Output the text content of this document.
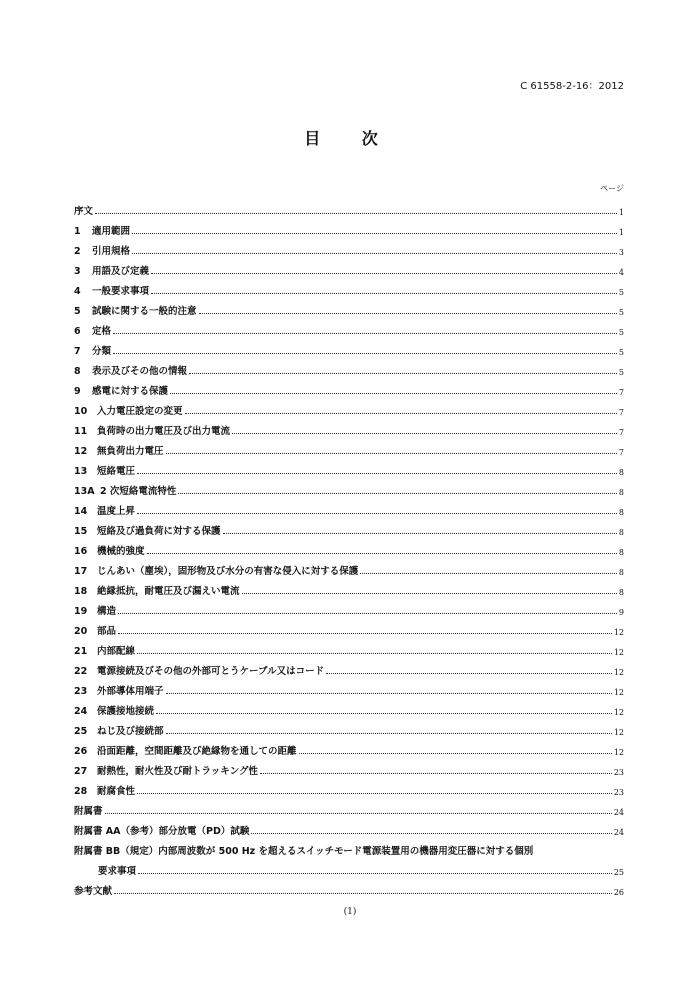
C 61558-2-16：2012
目 次
ページ
序文	1
1	適用範囲	1
2	引用規格	3
3	用語及び定義	4
4	一般要求事項	5
5	試験に関する一般的注意	5
6	定格	5
7	分類	5
8	表示及びその他の情報	5
9	感電に対する保護	7
10	入力電圧設定の変更	7
11	負荷時の出力電圧及び出力電流	7
12	無負荷出力電圧	7
13	短絡電圧	8
13A 2 次短絡電流特性	8
14	温度上昇	8
15	短絡及び過負荷に対する保護	8
16	機械的強度	8
17	じんあい（塵埃），固形物及び水分の有害な侵入に対する保護	8
18	絶縁抵抗，耐電圧及び漏えい電流	8
19	構造	9
20	部品	12
21	内部配線	12
22	電源接続及びその他の外部可とうケーブル又はコード	12
23	外部導体用端子	12
24	保護接地接続	12
25	ねじ及び接続部	12
26	沿面距離，空間距離及び絶縁物を通しての距離	12
27	耐熱性，耐火性及び耐トラッキング性	23
28	耐腐食性	23
附属書	24
附属書 AA（参考）部分放電（PD）試験	24
附属書 BB（規定）内部周波数が 500 Hz を超えるスイッチモード電源装置用の機器用変圧器に対する個別
要求事項	25
参考文献	26
(1)
